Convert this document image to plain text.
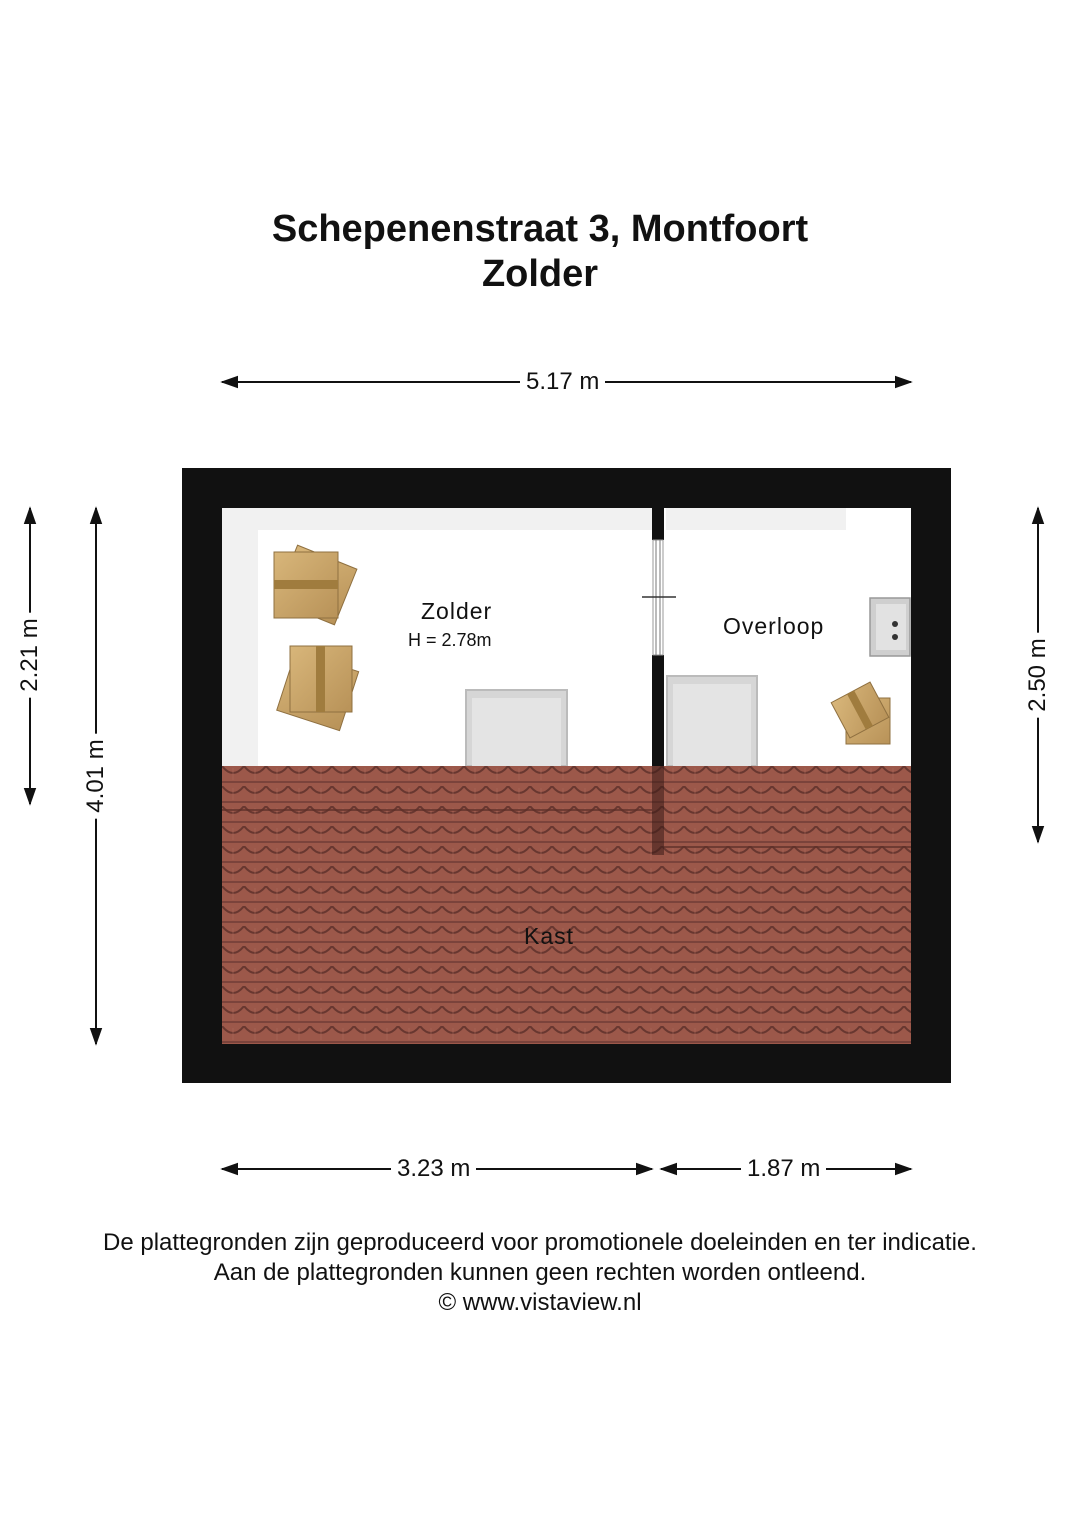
Schepenenstraat 3, Montfoort
Zolder
5.17 m
3.23 m	1.87 m
4.01 m
2.21 m	2.50 m
Zolder
H = 2.78m
Overloop
Kast
De plattegronden zijn geproduceerd voor promotionele doeleinden en ter indicatie.
Aan de plattegronden kunnen geen rechten worden ontleend.
© www.vistaview.nl
